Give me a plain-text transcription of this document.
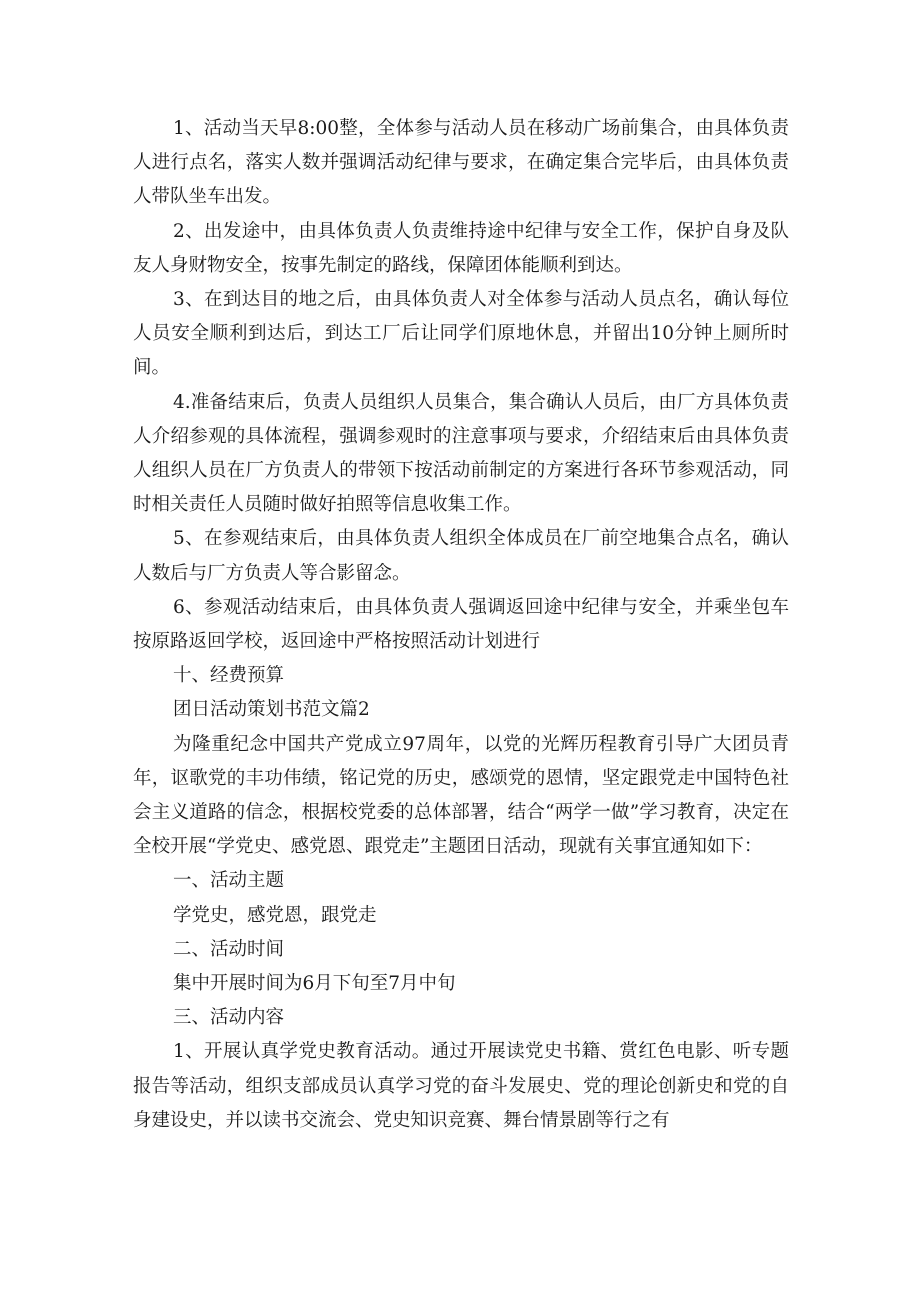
1、活动当天早8:00整，全体参与活动人员在移动广场前集合，由具体负责人进行点名，落实人数并强调活动纪律与要求，在确定集合完毕后，由具体负责人带队坐车出发。

2、出发途中，由具体负责人负责维持途中纪律与安全工作，保护自身及队友人身财物安全，按事先制定的路线，保障团体能顺利到达。

3、在到达目的地之后，由具体负责人对全体参与活动人员点名，确认每位人员安全顺利到达后，到达工厂后让同学们原地休息，并留出10分钟上厕所时间。

4.准备结束后，负责人员组织人员集合，集合确认人员后，由厂方具体负责人介绍参观的具体流程，强调参观时的注意事项与要求，介绍结束后由具体负责人组织人员在厂方负责人的带领下按活动前制定的方案进行各环节参观活动，同时相关责任人员随时做好拍照等信息收集工作。

5、在参观结束后，由具体负责人组织全体成员在厂前空地集合点名，确认人数后与厂方负责人等合影留念。

6、参观活动结束后，由具体负责人强调返回途中纪律与安全，并乘坐包车按原路返回学校，返回途中严格按照活动计划进行

十、经费预算

团日活动策划书范文篇2

为隆重纪念中国共产党成立97周年，以党的光辉历程教育引导广大团员青年，讴歌党的丰功伟绩，铭记党的历史，感颂党的恩情，坚定跟党走中国特色社会主义道路的信念，根据校党委的总体部署，结合“两学一做”学习教育，决定在全校开展“学党史、感党恩、跟党走”主题团日活动，现就有关事宜通知如下：

一、活动主题

学党史，感党恩，跟党走

二、活动时间

集中开展时间为6月下旬至7月中旬

三、活动内容

1、开展认真学党史教育活动。通过开展读党史书籍、赏红色电影、听专题报告等活动，组织支部成员认真学习党的奋斗发展史、党的理论创新史和党的自身建设史，并以读书交流会、党史知识竞赛、舞台情景剧等行之有
